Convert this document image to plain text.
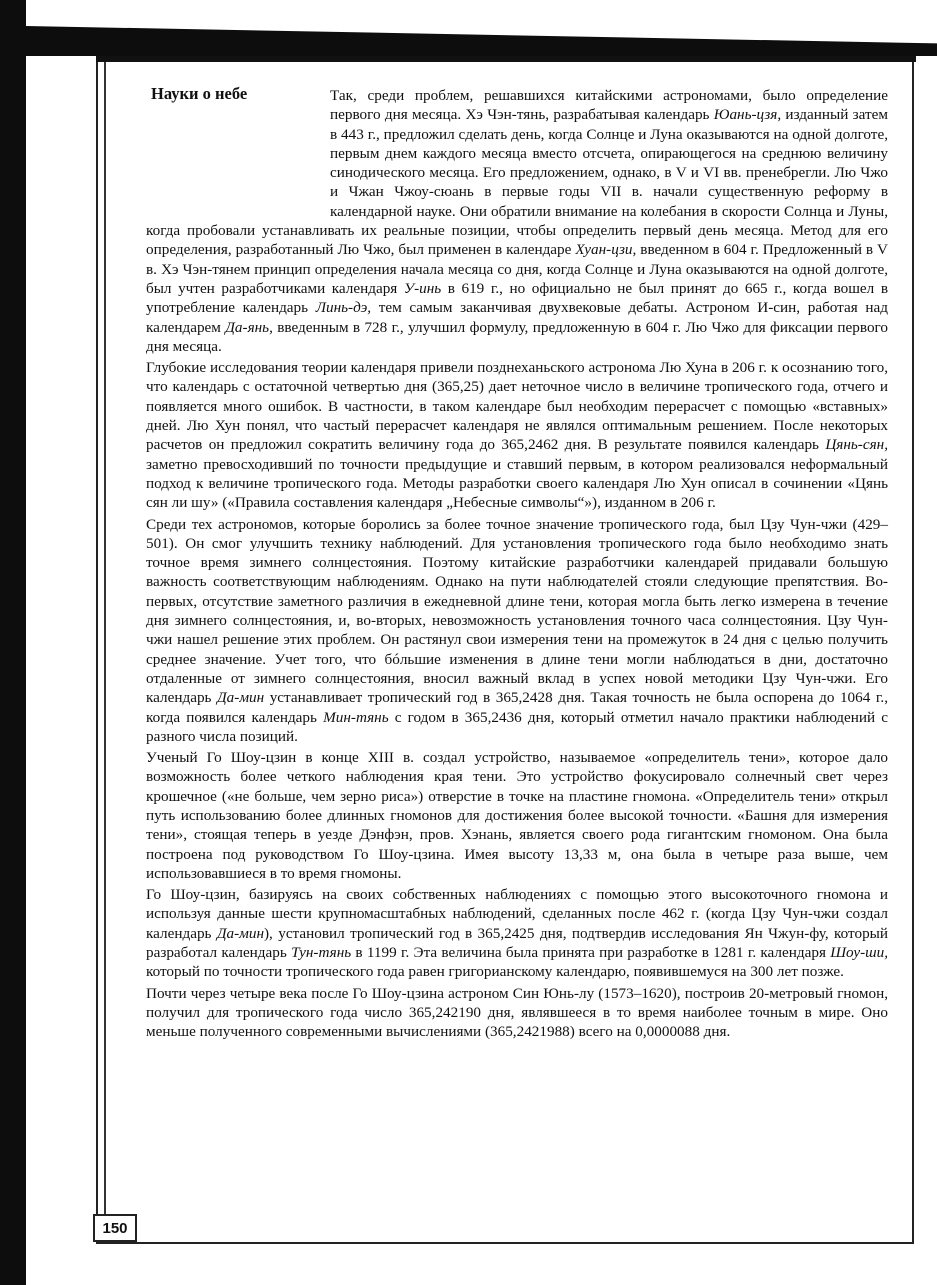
Науки о небе	Так, среди проблем, решавшихся китайскими астрономами, было определение первого дня месяца. Хэ Чэн-тянь, разрабатывая календарь Юань-цзя, изданный затем в 443 г., предложил сделать день, когда Солнце и Луна оказываются на одной долготе, первым днем каждого месяца вместо отсчета, опирающегося на среднюю величину синодического месяца. Его предложением, однако, в V и VI вв. пренебрегли. Лю Чжо и Чжан Чжоу-сюань в первые годы VII в. начали существенную реформу в календарной науке. Они обратили внимание на колебания в скорости Солнца и Луны, когда пробовали устанавливать их реальные позиции, чтобы определить первый день месяца. Метод для его определения, разработанный Лю Чжо, был применен в календаре Хуан-цзи, введенном в 604 г. Предложенный в V в. Хэ Чэн-тянем принцип определения начала месяца со дня, когда Солнце и Луна оказываются на одной долготе, был учтен разработчиками календаря У-инь в 619 г., но официально не был принят до 665 г., когда вошел в употребление календарь Линь-дэ, тем самым заканчивая двухвековые дебаты. Астроном И-син, работая над календарем Да-янь, введенным в 728 г., улучшил формулу, предложенную в 604 г. Лю Чжо для фиксации первого дня месяца.

Глубокие исследования теории календаря привели позднеханьского астронома Лю Хуна в 206 г. к осознанию того, что календарь с остаточной четвертью дня (365,25) дает неточное число в величине тропического года, отчего и появляется много ошибок. В частности, в таком календаре был необходим перерасчет с помощью «вставных» дней. Лю Хун понял, что частый перерасчет календаря не являлся оптимальным решением. После некоторых расчетов он предложил сократить величину года до 365,2462 дня. В результате появился календарь Цянь-сян, заметно превосходивший по точности предыдущие и ставший первым, в котором реализовался неформальный подход к величине тропического года. Методы разработки своего календаря Лю Хун описал в сочинении «Цянь сян ли шу» («Правила составления календаря „Небесные символы“»), изданном в 206 г.

Среди тех астрономов, которые боролись за более точное значение тропического года, был Цзу Чун-чжи (429–501). Он смог улучшить технику наблюдений. Для установления тропического года было необходимо знать точное время зимнего солнцестояния. Поэтому китайские разработчики календарей придавали большую важность соответствующим наблюдениям. Однако на пути наблюдателей стояли следующие препятствия. Во-первых, отсутствие заметного различия в ежедневной длине тени, которая могла быть легко измерена в течение дня зимнего солнцестояния, и, во-вторых, невозможность установления точного часа солнцестояния. Цзу Чун-чжи нашел решение этих проблем. Он растянул свои измерения тени на промежуток в 24 дня с целью получить среднее значение. Учет того, что бóльшие изменения в длине тени могли наблюдаться в дни, достаточно отдаленные от зимнего солнцестояния, вносил важный вклад в успех новой методики Цзу Чун-чжи. Его календарь Да-мин устанавливает тропический год в 365,2428 дня. Такая точность не была оспорена до 1064 г., когда появился календарь Мин-тянь с годом в 365,2436 дня, который отметил начало практики наблюдений с разного числа позиций.

Ученый Го Шоу-цзин в конце XIII в. создал устройство, называемое «определитель тени», которое дало возможность более четкого наблюдения края тени. Это устройство фокусировало солнечный свет через крошечное («не больше, чем зерно риса») отверстие в точке на пластине гномона. «Определитель тени» открыл путь использованию более длинных гномонов для достижения более высокой точности. «Башня для измерения тени», стоящая теперь в уезде Дэнфэн, пров. Хэнань, является своего рода гигантским гномоном. Она была построена под руководством Го Шоу-цзина. Имея высоту 13,33 м, она была в четыре раза выше, чем использовавшиеся в то время гномоны.

Го Шоу-цзин, базируясь на своих собственных наблюдениях с помощью этого высокоточного гномона и используя данные шести крупномасштабных наблюдений, сделанных после 462 г. (когда Цзу Чун-чжи создал календарь Да-мин), установил тропический год в 365,2425 дня, подтвердив исследования Ян Чжун-фу, который разработал календарь Тун-тянь в 1199 г. Эта величина была принята при разработке в 1281 г. календаря Шоу-ши, который по точности тропического года равен григорианскому календарю, появившемуся на 300 лет позже.

Почти через четыре века после Го Шоу-цзина астроном Син Юнь-лу (1573–1620), построив 20-метровый гномон, получил для тропического года число 365,242190 дня, являвшееся в то время наиболее точным в мире. Оно меньше полученного современными вычислениями (365,2421988) всего на 0,0000088 дня.

150
